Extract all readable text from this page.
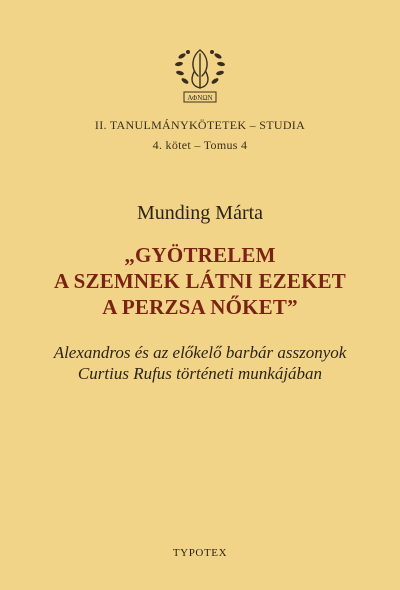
ΑΦΝΩΝ
II. TANULMÁNYKÖTETEK – STUDIA
4. kötet – Tomus 4
Munding Márta
„GYÖTRELEM
A SZEMNEK LÁTNI EZEKET
A PERZSA NŐKET”
Alexandros és az előkelő barbár asszonyok
Curtius Rufus történeti munkájában
TYPOTEX
